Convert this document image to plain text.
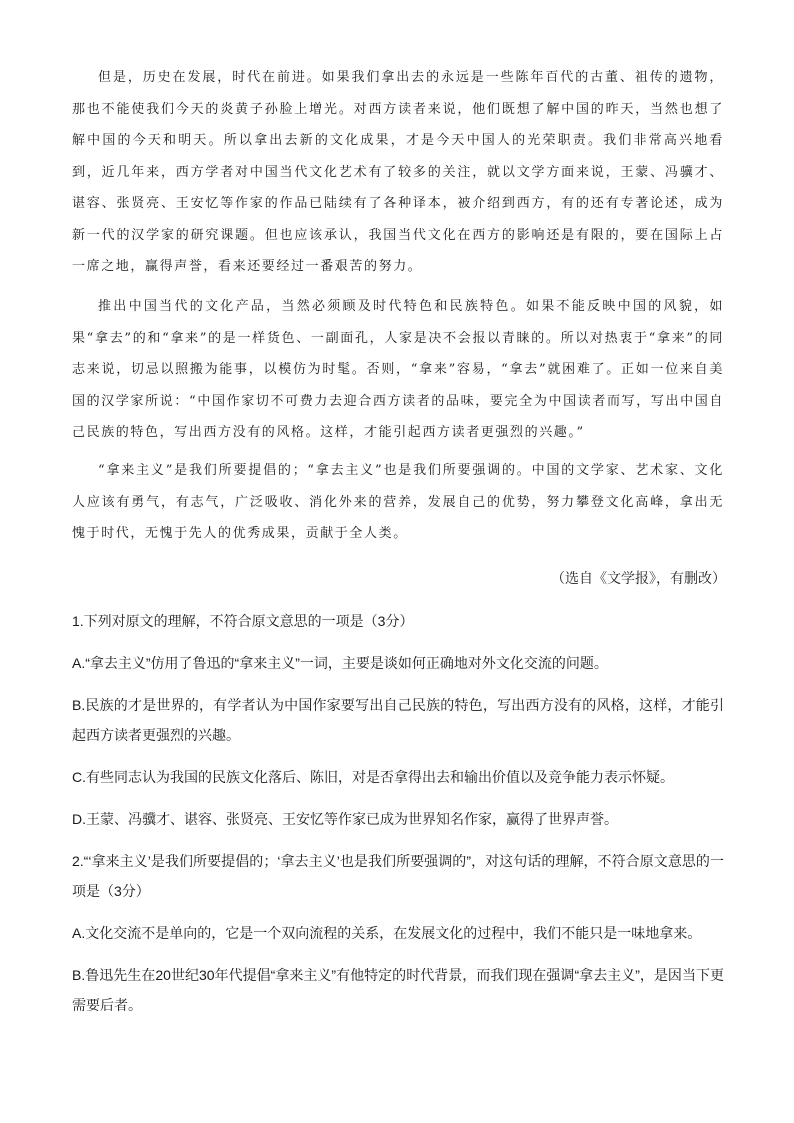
但是，历史在发展，时代在前进。如果我们拿出去的永远是一些陈年百代的古董、祖传的遗物，那也不能使我们今天的炎黄子孙脸上增光。对西方读者来说，他们既想了解中国的昨天，当然也想了解中国的今天和明天。所以拿出去新的文化成果，才是今天中国人的光荣职责。我们非常高兴地看到，近几年来，西方学者对中国当代文化艺术有了较多的关注，就以文学方面来说，王蒙、冯骥才、谌容、张贤亮、王安忆等作家的作品已陆续有了各种译本，被介绍到西方，有的还有专著论述，成为新一代的汉学家的研究课题。但也应该承认，我国当代文化在西方的影响还是有限的，要在国际上占一席之地，赢得声誉，看来还要经过一番艰苦的努力。

推出中国当代的文化产品，当然必须顾及时代特色和民族特色。如果不能反映中国的风貌，如果“拿去”的和“拿来”的是一样货色、一副面孔，人家是决不会报以青睐的。所以对热衷于“拿来”的同志来说，切忌以照搬为能事，以模仿为时髦。否则，“拿来”容易，“拿去”就困难了。正如一位来自美国的汉学家所说：“中国作家切不可费力去迎合西方读者的品味，要完全为中国读者而写，写出中国自己民族的特色，写出西方没有的风格。这样，才能引起西方读者更强烈的兴趣。”

“拿来主义”是我们所要提倡的；“拿去主义”也是我们所要强调的。中国的文学家、艺术家、文化人应该有勇气，有志气，广泛吸收、消化外来的营养，发展自己的优势，努力攀登文化高峰，拿出无愧于时代，无愧于先人的优秀成果，贡献于全人类。

（选自《文学报》，有删改）

1.下列对原文的理解，不符合原文意思的一项是（3分）

A.“拿去主义”仿用了鲁迅的“拿来主义”一词，主要是谈如何正确地对外文化交流的问题。

B.民族的才是世界的，有学者认为中国作家要写出自己民族的特色，写出西方没有的风格，这样，才能引起西方读者更强烈的兴趣。

C.有些同志认为我国的民族文化落后、陈旧，对是否拿得出去和输出价值以及竞争能力表示怀疑。

D.王蒙、冯骥才、谌容、张贤亮、王安忆等作家已成为世界知名作家，赢得了世界声誉。

2.“‘拿来主义’是我们所要提倡的；‘拿去主义’也是我们所要强调的”，对这句话的理解，不符合原文意思的一项是（3分）

A.文化交流不是单向的，它是一个双向流程的关系，在发展文化的过程中，我们不能只是一味地拿来。

B.鲁迅先生在20世纪30年代提倡“拿来主义”有他特定的时代背景，而我们现在强调“拿去主义”，是因当下更需要后者。
